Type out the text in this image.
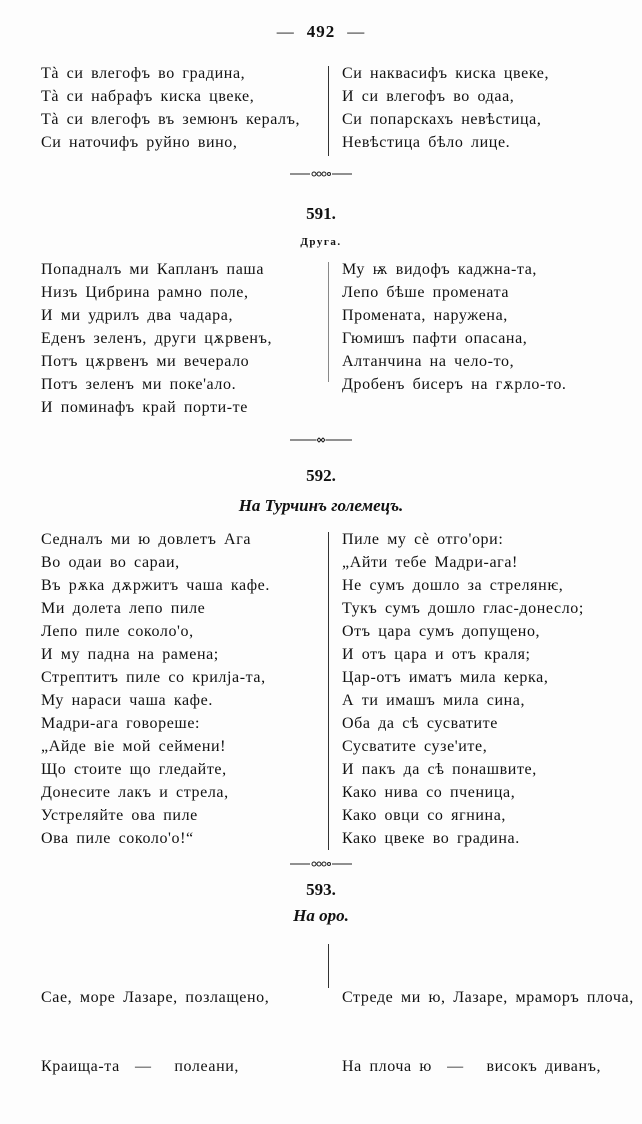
— 492 —
Тà си влегофъ во градина,
Тà си набрафъ киска цвеке,
Тà си влегофъ въ земюнъ кералъ,
Си наточифъ руйно вино,
Си наквасифъ киска цвеке,
И си влегофъ во одаа,
Си попарскахъ невѣстица,
Невѣстица бѣло лице.
591.
Друга.
Попадналъ ми Капланъ паша
Низъ Цибрина рамно поле,
И ми удрилъ два чадара,
Еденъ зеленъ, други цѫрвенъ,
Потъ цѫрвенъ ми вечерало
Потъ зеленъ ми поке'ало.
И поминафъ край порти-те
Му ѭ видофъ каджна-та,
Лепо бѣше промената
Промената, наружена,
Гюмишъ пафти опасана,
Алтанчина на чело-то,
Дробенъ бисеръ на гѫрло-то.
592.
На Турчинъ големецъ.
Седналъ ми ю довлетъ Ага
Во одаи во сараи,
Въ рѫка дѫржитъ чаша кафе.
Ми долета лепо пиле
Лепо пиле соколо'о,
И му падна на рамена;
Стрептитъ пиле со крилја-та,
Му нараси чаша кафе.
Мадри-ага говореше:
„Айде віе мой сеймени!
Що стоите що гледайте,
Донесите лакъ и стрела,
Устреляйте ова пиле
Ова пиле соколо'о!“
Пиле му сè отго'ори:
„Айти тебе Мадри-ага!
Не сумъ дошло за стрелянѥ,
Тукъ сумъ дошло глас-донесло;
Отъ цара сумъ допущено,
И отъ цара и отъ краля;
Цар-отъ иматъ мила керка,
А ти имашъ мила сина,
Оба да сѣ сусватите
Сусватите сузе'ите,
И пакъ да сѣ понашвите,
Како нива со пченица,
Како овци со ягнина,
Како цвеке во градина.
593.
На оро.

Сае, море Лазаре, позлащено,

Краища-та  —   полеани,

Стреде ми ю, Лазаре, мраморъ плоча,

На плоча ю  —   високъ диванъ,
